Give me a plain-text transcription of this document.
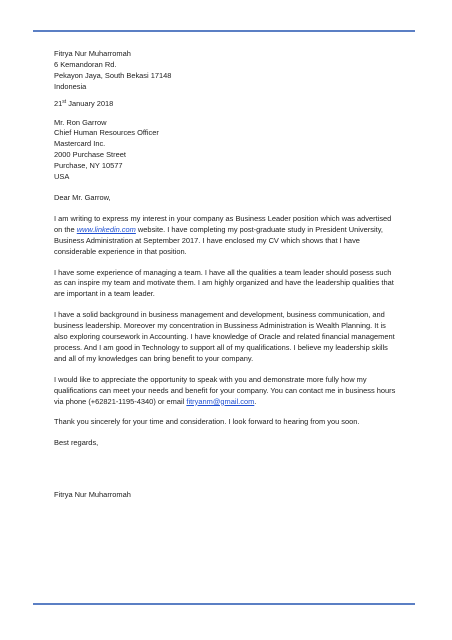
Fitrya Nur Muharromah
6 Kemandoran Rd.
Pekayon Jaya, South Bekasi 17148
Indonesia
21st January 2018
Mr. Ron Garrow
Chief Human Resources Officer
Mastercard Inc.
2000 Purchase Street
Purchase, NY 10577
USA
Dear Mr. Garrow,

I am writing to express my interest in your company as Business Leader position which was advertised on the www.linkedin.com website. I have completing my post-graduate study in President University, Business Administration at September 2017. I have enclosed my CV which shows that I have considerable experience in that position.

I have some experience of managing a team. I have all the qualities a team leader should posess such as can inspire my team and motivate them. I am highly organized and have the leadership qualities that are important in a team leader.

I have a solid background in business management and development, business communication, and business leadership. Moreover my concentration in Bussiness Administration is Wealth Planning. It is also exploring coursework in Accounting. I have knowledge of Oracle and related financial management process. And I am good in Technology to support all of my qualifications. I believe my leadership skills and all of my knowledges can bring benefit to your company.

I would like to appreciate the opportunity to speak with you and demonstrate more fully how my qualifications can meet your needs and benefit for your company. You can contact me in business hours via phone (+62821-1195-4340) or email fitryanm@gmail.com.

Thank you sincerely for your time and consideration. I look forward to hearing from you soon.

Best regards,
Fitrya Nur Muharromah
